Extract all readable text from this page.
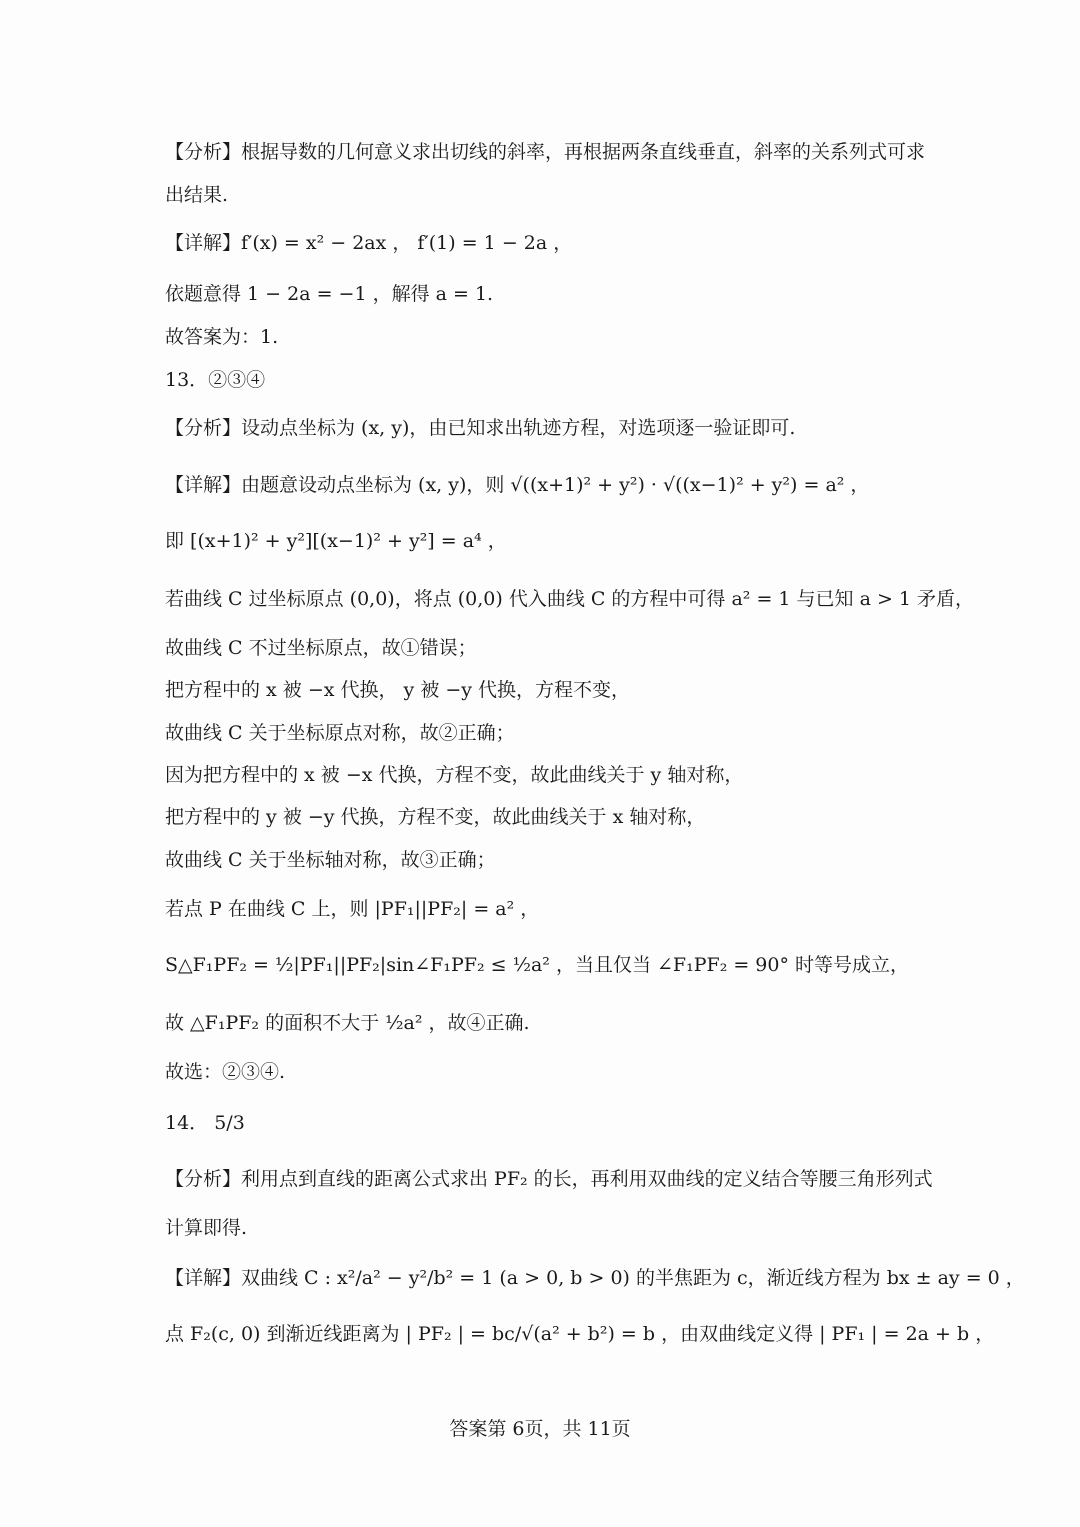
【分析】根据导数的几何意义求出切线的斜率，再根据两条直线垂直，斜率的关系列式可求
出结果.
【详解】f′(x) = x² − 2ax ， f′(1) = 1 − 2a ，
依题意得 1 − 2a = −1 ，解得 a = 1.
故答案为：1.
13．②③④
【分析】设动点坐标为 (x, y)，由已知求出轨迹方程，对选项逐一验证即可.
【详解】由题意设动点坐标为 (x, y)，则 √((x+1)² + y²) · √((x−1)² + y²) = a² ，
即 [(x+1)² + y²][(x−1)² + y²] = a⁴ ，
若曲线 C 过坐标原点 (0,0)，将点 (0,0) 代入曲线 C 的方程中可得 a² = 1 与已知 a > 1 矛盾，
故曲线 C 不过坐标原点，故①错误；
把方程中的 x 被 −x 代换， y 被 −y 代换，方程不变，
故曲线 C 关于坐标原点对称，故②正确；
因为把方程中的 x 被 −x 代换，方程不变，故此曲线关于 y 轴对称，
把方程中的 y 被 −y 代换，方程不变，故此曲线关于 x 轴对称，
故曲线 C 关于坐标轴对称，故③正确；
若点 P 在曲线 C 上，则 |PF₁||PF₂| = a² ，
S△F₁PF₂ = ½|PF₁||PF₂|sin∠F₁PF₂ ≤ ½a² ，当且仅当 ∠F₁PF₂ = 90° 时等号成立，
故 △F₁PF₂ 的面积不大于 ½a² ，故④正确.
故选：②③④.
14． 5/3
【分析】利用点到直线的距离公式求出 PF₂ 的长，再利用双曲线的定义结合等腰三角形列式
计算即得.
【详解】双曲线 C : x²/a² − y²/b² = 1 (a > 0, b > 0) 的半焦距为 c，渐近线方程为 bx ± ay = 0 ，
点 F₂(c, 0) 到渐近线距离为 | PF₂ | = bc/√(a² + b²) = b ，由双曲线定义得 | PF₁ | = 2a + b ，
答案第 6页，共 11页
